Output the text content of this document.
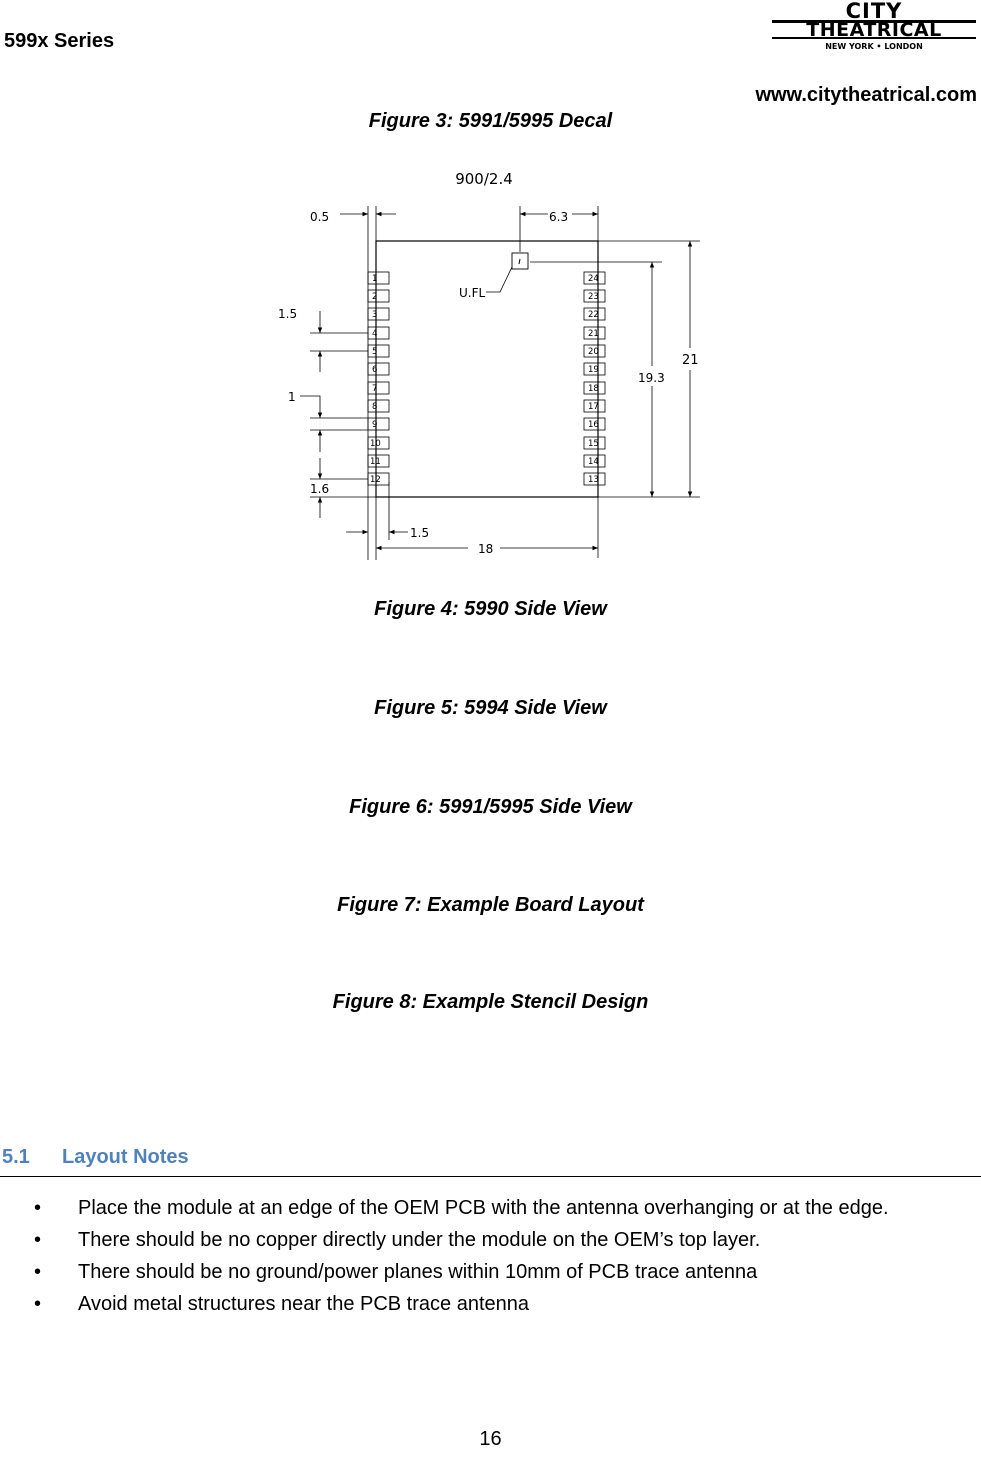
599x Series
CITY
THEATRICAL
NEW YORK • LONDON
www.citytheatrical.com
Figure 3: 5991/5995 Decal
900/2.4
0.5	6.3
U.FL
1
2
3
4
5
6
7
8
9
10
11
12
24
23
22
21
20
19
18
17
16
15
14
13
1.5
1
1.6
1.5
18
19.3
21
Figure 4: 5990 Side View
Figure 5: 5994 Side View
Figure 6: 5991/5995 Side View
Figure 7: Example Board Layout
Figure 8: Example Stencil Design
5.1 Layout Notes
• Place the module at an edge of the OEM PCB with the antenna overhanging or at the edge.
• There should be no copper directly under the module on the OEM’s top layer.
• There should be no ground/power planes within 10mm of PCB trace antenna
• Avoid metal structures near the PCB trace antenna
16
